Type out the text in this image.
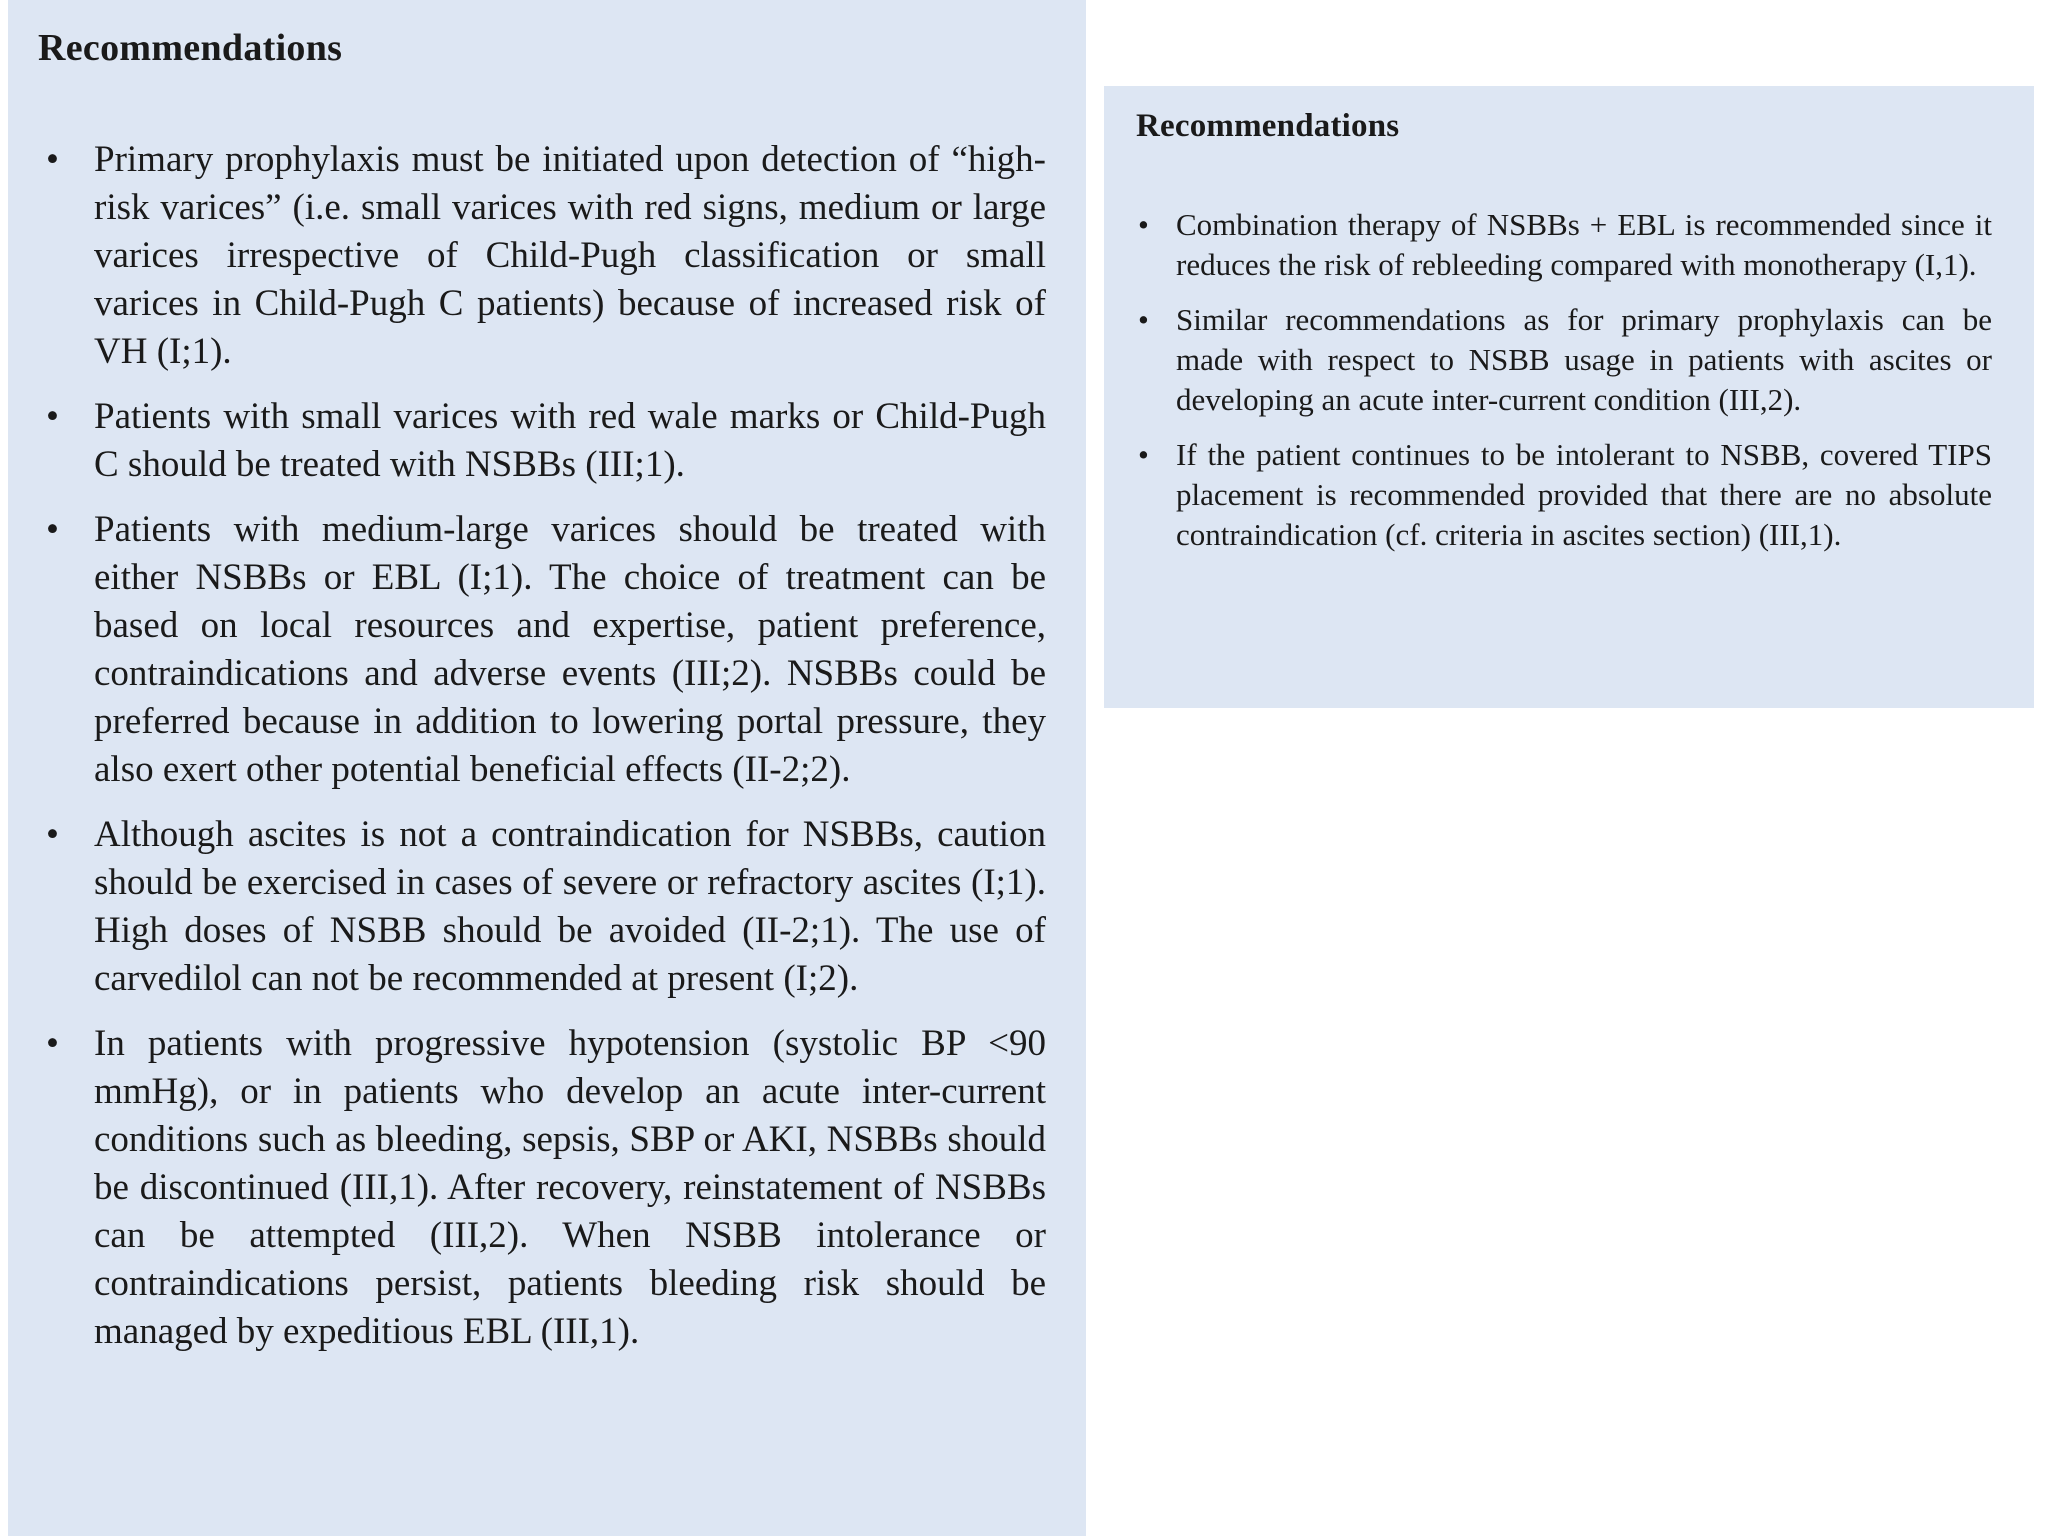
Recommendations
• Primary prophylaxis must be initiated upon detection of “high-risk varices” (i.e. small varices with red signs, medium or large varices irrespective of Child-Pugh classification or small varices in Child-Pugh C patients) because of increased risk of VH (I;1).
• Patients with small varices with red wale marks or Child-Pugh C should be treated with NSBBs (III;1).
• Patients with medium-large varices should be treated with either NSBBs or EBL (I;1). The choice of treatment can be based on local resources and expertise, patient preference, contraindications and adverse events (III;2). NSBBs could be preferred because in addition to lowering portal pressure, they also exert other potential beneficial effects (II-2;2).
• Although ascites is not a contraindication for NSBBs, caution should be exercised in cases of severe or refractory ascites (I;1). High doses of NSBB should be avoided (II-2;1). The use of carvedilol can not be recommended at present (I;2).
• In patients with progressive hypotension (systolic BP <90 mmHg), or in patients who develop an acute inter-current conditions such as bleeding, sepsis, SBP or AKI, NSBBs should be discontinued (III,1). After recovery, reinstatement of NSBBs can be attempted (III,2). When NSBB intolerance or contraindications persist, patients bleeding risk should be managed by expeditious EBL (III,1).
Recommendations
• Combination therapy of NSBBs + EBL is recommended since it reduces the risk of rebleeding compared with monotherapy (I,1).
• Similar recommendations as for primary prophylaxis can be made with respect to NSBB usage in patients with ascites or developing an acute inter-current condition (III,2).
• If the patient continues to be intolerant to NSBB, covered TIPS placement is recommended provided that there are no absolute contraindication (cf. criteria in ascites section) (III,1).
